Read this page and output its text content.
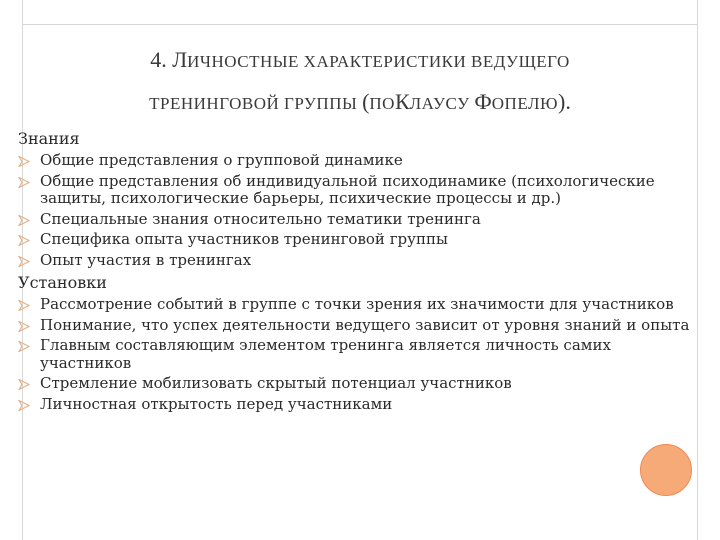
4. ЛИЧНОСТНЫЕ ХАРАКТЕРИСТИКИ ВЕДУЩЕГО
ТРЕНИНГОВОЙ ГРУППЫ (ПОКЛАУСУ ФОПЕЛЮ).
Знания
Общие представления о групповой динамике
Общие представления об индивидуальной психодинамике (психологические защиты, психологические барьеры, психические процессы и др.)
Специальные знания относительно тематики тренинга
Специфика опыта участников тренинговой группы
Опыт участия в тренингах
Установки
Рассмотрение событий в группе с точки зрения их значимости для участников
Понимание, что успех деятельности ведущего зависит от уровня знаний и опыта
Главным составляющим элементом тренинга является личность самих участников
Стремление мобилизовать скрытый потенциал участников
Личностная открытость перед участниками
